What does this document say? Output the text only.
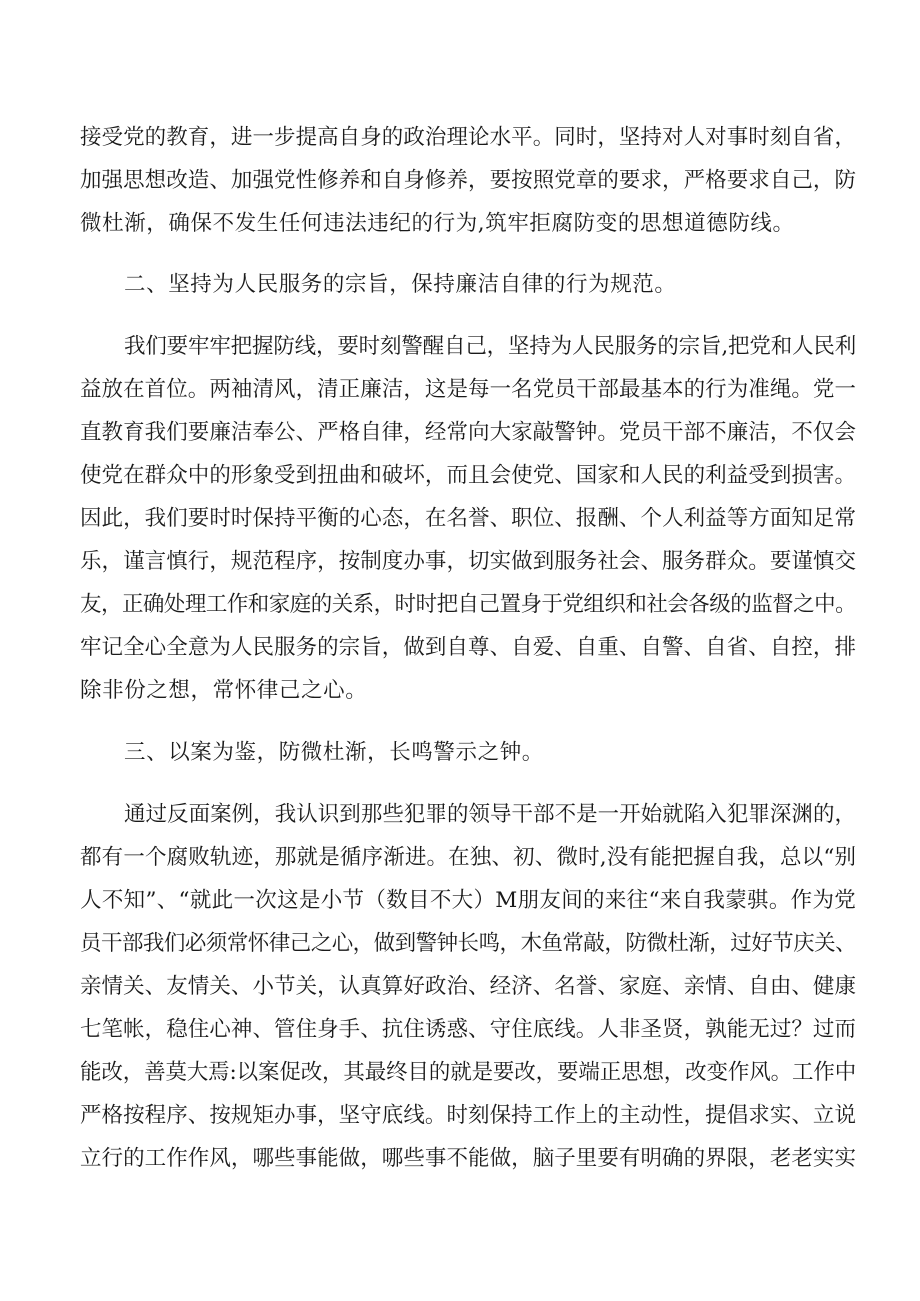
接受党的教育，进一步提高自身的政治理论水平。同时，坚持对人对事时刻自省，
加强思想改造、加强党性修养和自身修养，要按照党章的要求，严格要求自己，防
微杜渐，确保不发生任何违法违纪的行为,筑牢拒腐防变的思想道德防线。
二、坚持为人民服务的宗旨，保持廉洁自律的行为规范。
我们要牢牢把握防线，要时刻警醒自己，坚持为人民服务的宗旨,把党和人民利
益放在首位。两袖清风，清正廉洁，这是每一名党员干部最基本的行为准绳。党一
直教育我们要廉洁奉公、严格自律，经常向大家敲警钟。党员干部不廉洁，不仅会
使党在群众中的形象受到扭曲和破坏，而且会使党、国家和人民的利益受到损害。
因此，我们要时时保持平衡的心态，在名誉、职位、报酬、个人利益等方面知足常
乐，谨言慎行，规范程序，按制度办事，切实做到服务社会、服务群众。要谨慎交
友，正确处理工作和家庭的关系，时时把自己置身于党组织和社会各级的监督之中。
牢记全心全意为人民服务的宗旨，做到自尊、自爱、自重、自警、自省、自控，排
除非份之想，常怀律己之心。
三、以案为鉴，防微杜渐，长鸣警示之钟。
通过反面案例，我认识到那些犯罪的领导干部不是一开始就陷入犯罪深渊的，
都有一个腐败轨迹，那就是循序渐进。在独、初、微时,没有能把握自我，总以“别
人不知”、“就此一次这是小节（数目不大）M朋友间的来往“来自我蒙骐。作为党
员干部我们必须常怀律己之心，做到警钟长鸣，木鱼常敲，防微杜渐，过好节庆关、
亲情关、友情关、小节关，认真算好政治、经济、名誉、家庭、亲情、自由、健康
七笔帐，稳住心神、管住身手、抗住诱惑、守住底线。人非圣贤，孰能无过？过而
能改，善莫大焉:以案促改，其最终目的就是要改，要端正思想，改变作风。工作中
严格按程序、按规矩办事，坚守底线。时刻保持工作上的主动性，提倡求实、立说
立行的工作作风，哪些事能做，哪些事不能做，脑子里要有明确的界限，老老实实
